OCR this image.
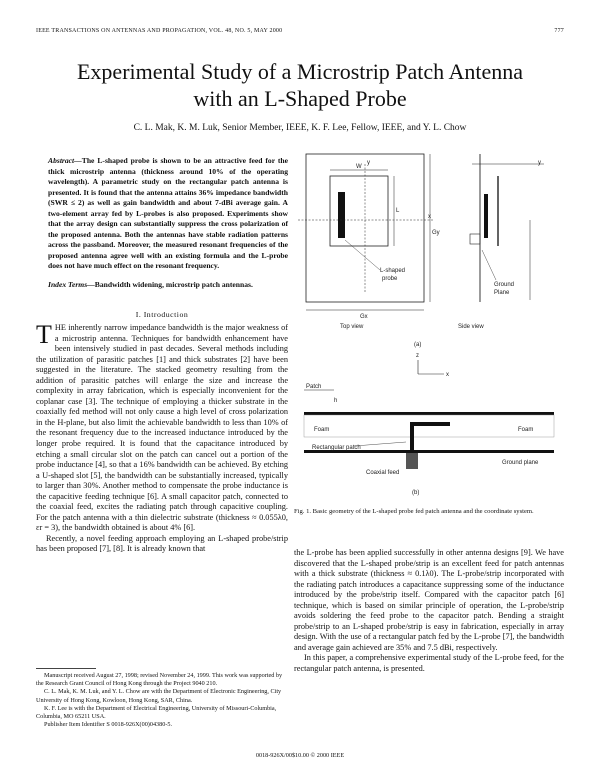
IEEE TRANSACTIONS ON ANTENNAS AND PROPAGATION, VOL. 48, NO. 5, MAY 2000	777
Experimental Study of a Microstrip Patch Antenna
with an L-Shaped Probe
C. L. Mak, K. M. Luk, Senior Member, IEEE, K. F. Lee, Fellow, IEEE, and Y. L. Chow
Abstract—The L-shaped probe is shown to be an attractive feed for the thick microstrip antenna (thickness around 10% of the operating wavelength). A parametric study on the rectangular patch antenna is presented. It is found that the antenna attains 36% impedance bandwidth (SWR ≤ 2) as well as gain bandwidth and about 7-dBi average gain. A two-element array fed by L-probes is also proposed. Experiments show that the array design can substantially suppress the cross polarization of the proposed antenna. Both the antennas have stable radiation patterns across the passband. Moreover, the measured resonant frequencies of the proposed antenna agree well with an existing formula and the L-probe does not have much effect on the resonant frequency.
Index Terms—Bandwidth widening, microstrip patch antennas.
I. Introduction
THE inherently narrow impedance bandwidth is the major weakness of a microstrip antenna. Techniques for bandwidth enhancement have been intensively studied in past decades. Several methods including the utilization of parasitic patches [1] and thick substrates [2] have been suggested in the literature. The stacked geometry resulting from the addition of parasitic patches will enlarge the size and increase the complexity in array fabrication, which is especially inconvenient for the coplanar case [3]. The technique of employing a thicker substrate in the coaxially fed method will not only cause a high level of cross polarization in the H-plane, but also limit the achievable bandwidth to less than 10% of the resonant frequency due to the increased inductance introduced by the longer probe required. It is found that the capacitance introduced by etching a small circular slot on the patch can cancel out a portion of the probe inductance [4], so that a 16% bandwidth can be achieved. By etching a U-shaped slot [5], the bandwidth can be substantially increased, typically to larger than 30%. Another method to compensate the probe inductance is the capacitive feeding technique [6]. A small capacitor patch, connected to the coaxial feed, excites the radiating patch through capacitive coupling. For the patch antenna with a thin dielectric substrate (thickness ≈ 0.055λ0, εr = 3), the bandwidth obtained is about 4% [6].
Recently, a novel feeding approach employing an L-shaped probe/strip has been proposed [7], [8]. It is already known that
Manuscript received August 27, 1998; revised November 24, 1999. This work was supported by the Research Grant Council of Hong Kong through the Project 9040 210.
C. L. Mak, K. M. Luk, and Y. L. Chow are with the Department of Electronic Engineering, City University of Hong Kong, Kowloon, Hong Kong, SAR, China.
K. F. Lee is with the Department of Electrical Engineering, University of Missouri-Columbia, Columbia, MO 65211 USA.
Publisher Item Identifier S 0018-926X(00)04380-5.
y
x
W
L
Gx
Gy
L-shaped
probe
y
Ground
Plane
Top view	Side view
(a)
z
x
Patch
h
Foam	Foam
Rectangular patch
Coaxial feed
Ground plane
(b)
Fig. 1. Basic geometry of the L-shaped probe fed patch antenna and the coordinate system.
the L-probe has been applied successfully in other antenna designs [9]. We have discovered that the L-shaped probe/strip is an excellent feed for patch antennas with a thick substrate (thickness ≈ 0.1λ0). The L-probe/strip incorporated with the radiating patch introduces a capacitance suppressing some of the inductance introduced by the probe/strip itself. Compared with the capacitor patch [6] technique, which is based on similar principle of operation, the L-probe/strip avoids soldering the feed probe to the capacitor patch. Bending a straight probe/strip to an L-shaped probe/strip is easy in fabrication, especially in array design. With the use of a rectangular patch fed by the L-probe [7], the bandwidth and average gain achieved are 35% and 7.5 dBi, respectively.
In this paper, a comprehensive experimental study of the L-probe feed, for the rectangular patch antenna, is presented.
0018-926X/00$10.00 © 2000 IEEE
